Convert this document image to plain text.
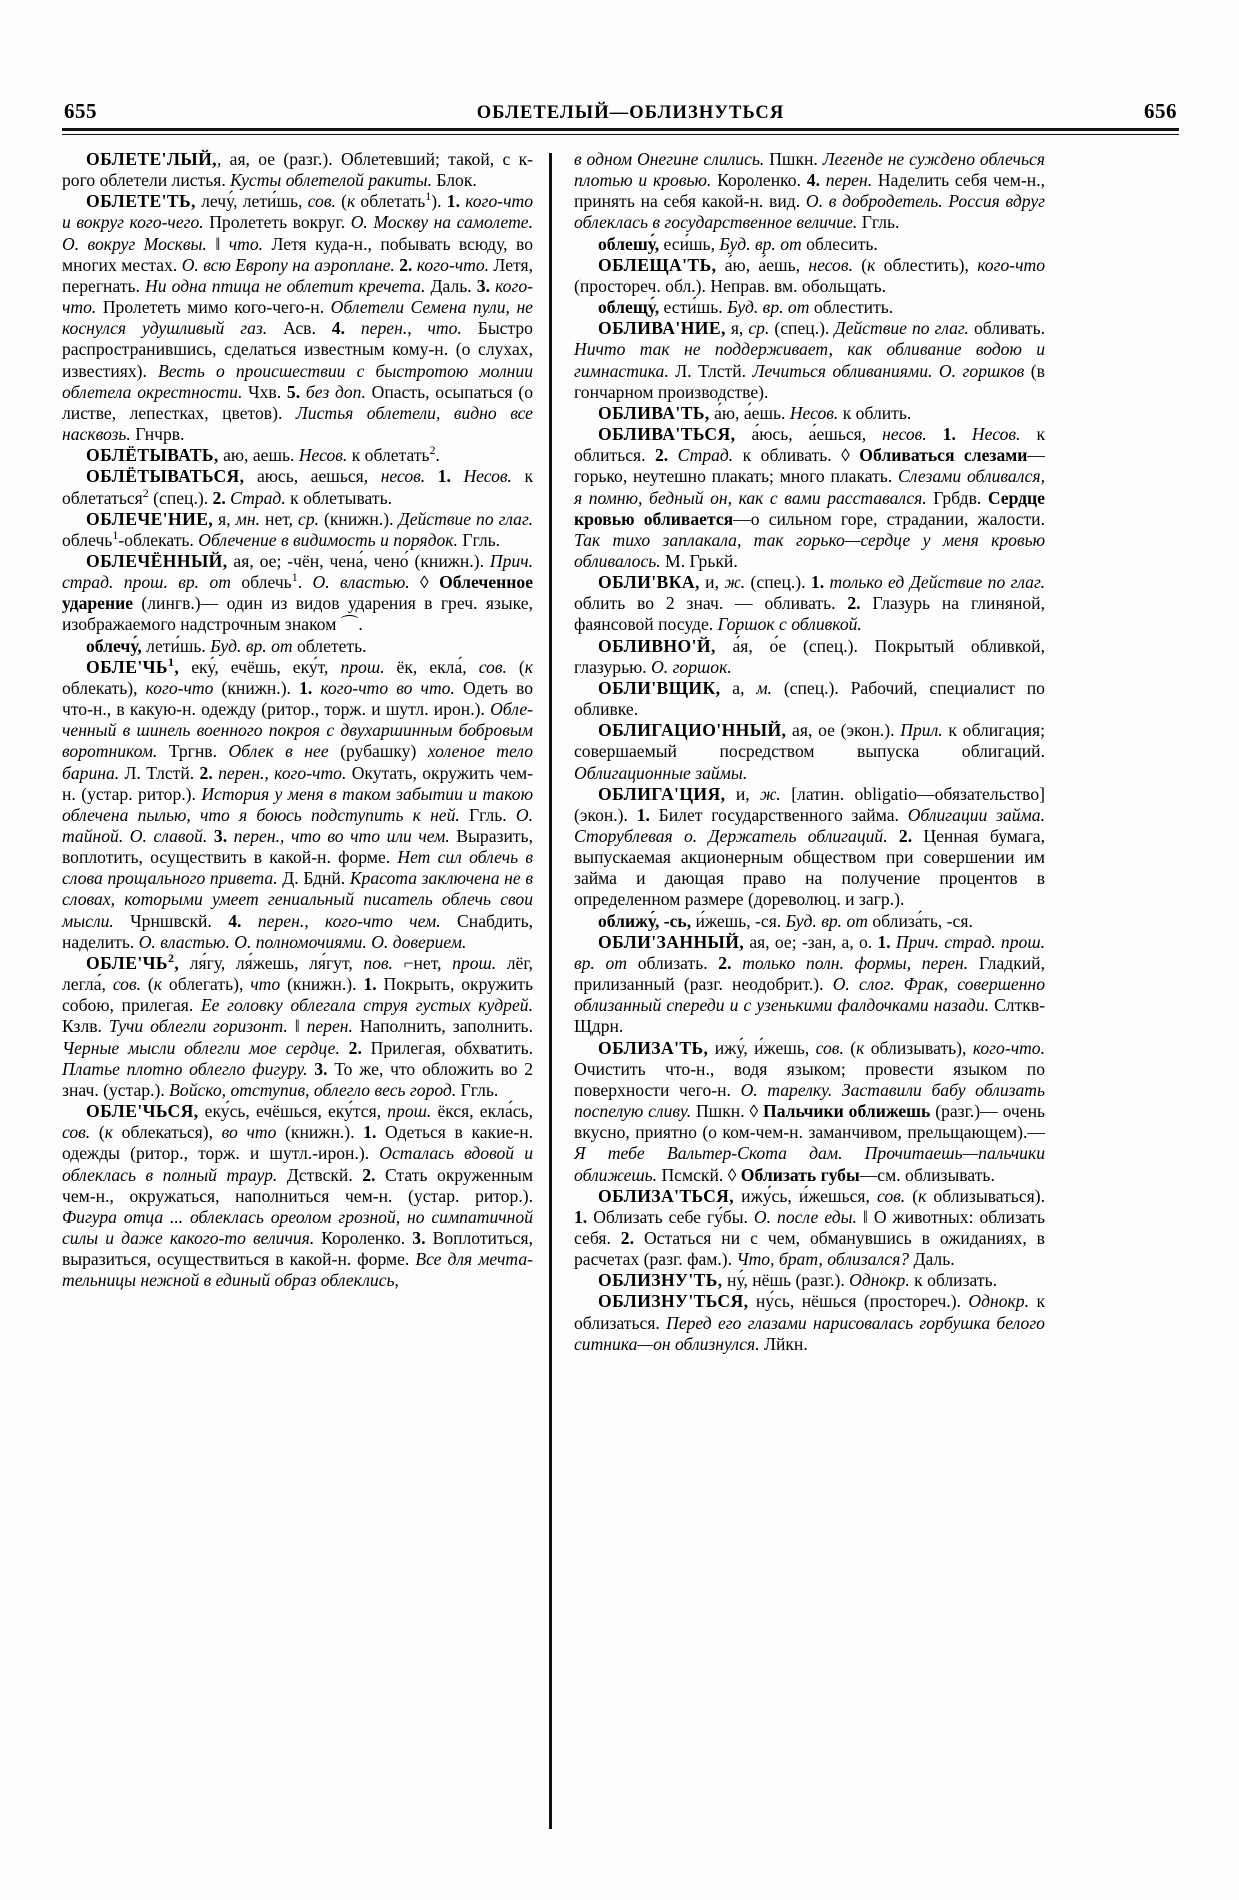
655	ОБЛЕТЕЛЫЙ—ОБЛИЗНУТЬСЯ	656

ОБЛЕТЕ'ЛЫЙ,, ая, ое (разг.). Облетевший; такой, с к-рого облетели листья. Кусты облетелой ракиты. Блок.

ОБЛЕТЕ'ТЬ, лечу́, лети́шь, сов. (к облетать$^1$). 1. кого-что и вокруг кого-чего. Пролететь вокруг. О. Москву на самолете. О. вокруг Москвы. ‖ что. Летя куда-н., побывать всюду, во многих местах. О. всю Европу на аэроплане. 2. кого-что. Летя, перегнать. Ни одна птица не облетит кречета. Даль. 3. кого-что. Пролететь мимо кого-чего-н. Облетели Семена пули, не коснулся удушливый газ. Асв. 4. перен., что. Быстро распространившись, сделаться известным кому-н. (о слухах, известиях). Весть о происшествии с быстротою молнии облетела окрестности. Чхв. 5. без доп. Опасть, осыпаться (о листве, лепестках, цветов). Листья облетели, видно все насквозь. Гнчрв.

ОБЛЁТЫВАТЬ, аю, аешь. Несов. к облетать$^2$.

ОБЛЁТЫВАТЬСЯ, аюсь, аешься, несов. 1. Несов. к облетаться$^2$ (спец.). 2. Страд. к облетывать.

ОБЛЕЧЕ'НИЕ, я, мн. нет, ср. (книжн.). Действие по глаг. облечь$^1$-облекать. Облечение в видимость и порядок. Ггль.

ОБЛЕЧЁННЫЙ, ая, ое; -чён, чена́, чено́ (книжн.). Прич. страд. прош. вр. от облечь$^1$. О. властью. ◊ Облеченное ударение (лингв.)— один из видов ударения в греч. языке, изображаемого надстрочным знаком ⌒.

облечу́, лети́шь. Буд. вр. от облететь.

$ОБЛЕ'ЧЬ^1$, еку́, ечёшь, еку́т, прош. ёк, екла́, сов. (к облекать), кого-что (книжн.). 1. кого-что во что. Одеть во что-н., в какую-н. одежду (ритор., торж. и шутл. ирон.). Облеченный в шинель военного покроя с двухаршинным бобровым воротником. Тргнв. Облек в нее (рубашку) холеное тело барина. Л. Тлстй. 2. перен., кого-что. Окутать, окружить чем-н. (устар. ритор.). История у меня в таком забытии и такою облечена пылью, что я боюсь подступить к ней. Ггль. О. тайной. О. славой. 3. перен., что во что или чем. Выразить, воплотить, осуществить в какой-н. форме. Нет сил облечь в слова прощального привета. Д. Бднй. Красота заключена не в словах, которыми умеет гениальный писатель облечь свои мысли. Чрншвскй. 4. перен., кого-что чем. Снабдить, наделить. О. властью. О. полномочиями. О. доверием.

$ОБЛЕ'ЧЬ^2$, ля́гу, ля́жешь, ля́гут, пов. ⌐нет, прош. лёг, легла́, сов. (к облегать), что (книжн.). 1. Покрыть, окружить собою, прилегая. Ее головку облегала струя густых кудрей. Кзлв. Тучи облегли горизонт. ‖ перен. Наполнить, заполнить. Черные мысли облегли мое сердце. 2. Прилегая, обхватить. Платье плотно облегло фигуру. 3. То же, что обложить во 2 знач. (устар.). Войско, отступив, облегло весь город. Ггль.

ОБЛЕ'ЧЬСЯ, еку́сь, ечёшься, еку́тся, прош. ёкся, екла́сь, сов. (к облекаться), во что (книжн.). 1. Одеться в какие-н. одежды (ритор., торж. и шутл.-ирон.). Осталась вдовой и облеклась в полный траур. Дствскй. 2. Стать окруженным чем-н., окружаться, наполниться чем-н. (устар. ритор.). Фигура отца ... облеклась ореолом грозной, но симпатичной силы и даже какого-то величия. Короленко. 3. Воплотиться, выразиться, осуществиться в какой-н. форме. Все для мечтательницы нежной в единый образ облеклись,

в одном Онегине слились. Пшкн. Легенде не суждено облечься плотью и кровью. Короленко. 4. перен. Наделить себя чем-н., принять на себя какой-н. вид. О. в добродетель. Россия вдруг облеклась в государственное величие. Ггль.

облешу́, еси́шь, Буд. вр. от облесить.

ОБЛЕЩА'ТЬ, а́ю, а́ешь, несов. (к облестить), кого-что (простореч. обл.). Неправ. вм. обольщать.

облещу́, ести́шь. Буд. вр. от облестить.

ОБЛИВА'НИЕ, я, ср. (спец.). Действие по глаг. обливать. Ничто так не поддерживает, как обливание водою и гимнастика. Л. Тлстй. Лечиться обливаниями. О. горшков (в гончарном производстве).

ОБЛИВА'ТЬ, а́ю, а́ешь. Несов. к облить.

ОБЛИВА'ТЬСЯ, а́юсь, а́ешься, несов. 1. Несов. к облиться. 2. Страд. к обливать. ◊ Обливаться слезами—горько, неутешно плакать; много плакать. Слезами обливался, я помню, бедный он, как с вами расставался. Грбдв. Сердце кровью обливается—о сильном горе, страдании, жалости. Так тихо заплакала, так горько—сердце у меня кровью обливалось. М. Грькй.

ОБЛИ'ВКА, и, ж. (спец.). 1. только ед Действие по глаг. облить во 2 знач. — обливать. 2. Глазурь на глиняной, фаянсовой посуде. Горшок с обливкой.

ОБЛИВНО'Й, а́я, о́е (спец.). Покрытый обливкой, глазурью. О. горшок.

ОБЛИ'ВЩИК, а, м. (спец.). Рабочий, специалист по обливке.

ОБЛИГАЦИО'ННЫЙ, ая, ое (экон.). Прил. к облигация; совершаемый посредством выпуска облигаций. Облигационные займы.

ОБЛИГА'ЦИЯ, и, ж. [латин. obligatio—обязательство] (экон.). 1. Билет государственного займа. Облигации займа. Сторублевая о. Держатель облигаций. 2. Ценная бумага, выпускаемая акционерным обществом при совершении им займа и дающая право на получение процентов в определенном размере (дореволюц. и загр.).

оближу́, -сь, и́жешь, -ся. Буд. вр. от облиза́ть, -ся.

ОБЛИ'ЗАННЫЙ, ая, ое; -зан, а, о. 1. Прич. страд. прош. вр. от облизать. 2. только полн. формы, перен. Гладкий, прилизанный (разг. неодобрит.). О. слог. Фрак, совершенно облизанный спереди и с узенькими фалдочками назади. Слткв-Щдрн.

ОБЛИЗА'ТЬ, ижу́, и́жешь, сов. (к облизывать), кого-что. Очистить что-н., водя языком; провести языком по поверхности чего-н. О. тарелку. Заставили бабу облизать поспелую сливу. Пшкн. ◊ Пальчики оближешь (разг.)— очень вкусно, приятно (о ком-чем-н. заманчивом, прельщающем).—Я тебе Вальтер-Скота дам. Прочитаешь—пальчики оближешь. Псмскй. ◊ Облизать губы—см. облизывать.

ОБЛИЗА'ТЬСЯ, ижу́сь, и́жешься, сов. (к облизываться). 1. Облизать себе гу́бы. О. после еды. ‖ О животных: облизать себя. 2. Остаться ни с чем, обманувшись в ожиданиях, в расчетах (разг. фам.). Что, брат, облизался? Даль.

ОБЛИЗНУ'ТЬ, ну́, нёшь (разг.). Однокр. к облизать.

ОБЛИЗНУ'ТЬСЯ, ну́сь, нёшься (простореч.). Однокр. к облизаться. Перед его глазами нарисовалась горбушка белого ситника—он облизнулся. Лйкн.
